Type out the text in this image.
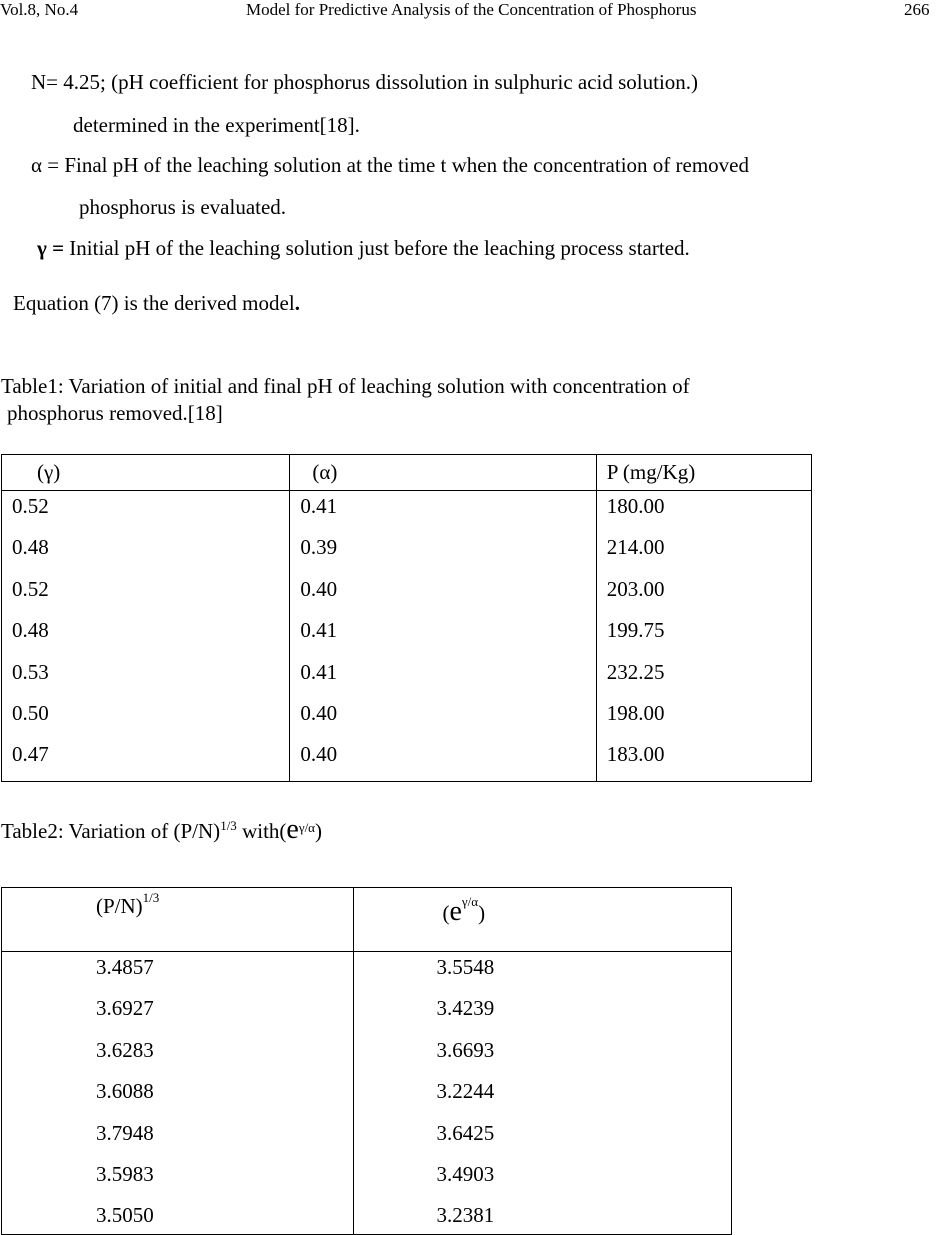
Vol.8, No.4	Model for Predictive Analysis of the Concentration of Phosphorus	266
N= 4.25; (pH coefficient for phosphorus dissolution in sulphuric acid solution.)
determined in the experiment[18].
α = Final pH of the leaching solution at the time t when the concentration of removed
phosphorus is evaluated.
γ = Initial pH of the leaching solution just before the leaching process started.
Equation (7) is the derived model.
Table1: Variation of initial and final pH of leaching solution with concentration of
phosphorus removed.[18]
(γ)	(α)	P (mg/Kg)
0.52	0.41	180.00
0.48	0.39	214.00
0.52	0.40	203.00
0.48	0.41	199.75
0.53	0.41	232.25
0.50	0.40	198.00
0.47	0.40	183.00
Table2: Variation of $(P/N)^{1/3}$ $with(e^{\gamma/\alpha})$
$(P/N)^{1/3}$	$(e^{\gamma/\alpha})$
3.4857	3.5548
3.6927	3.4239
3.6283	3.6693
3.6088	3.2244
3.7948	3.6425
3.5983	3.4903
3.5050	3.2381
